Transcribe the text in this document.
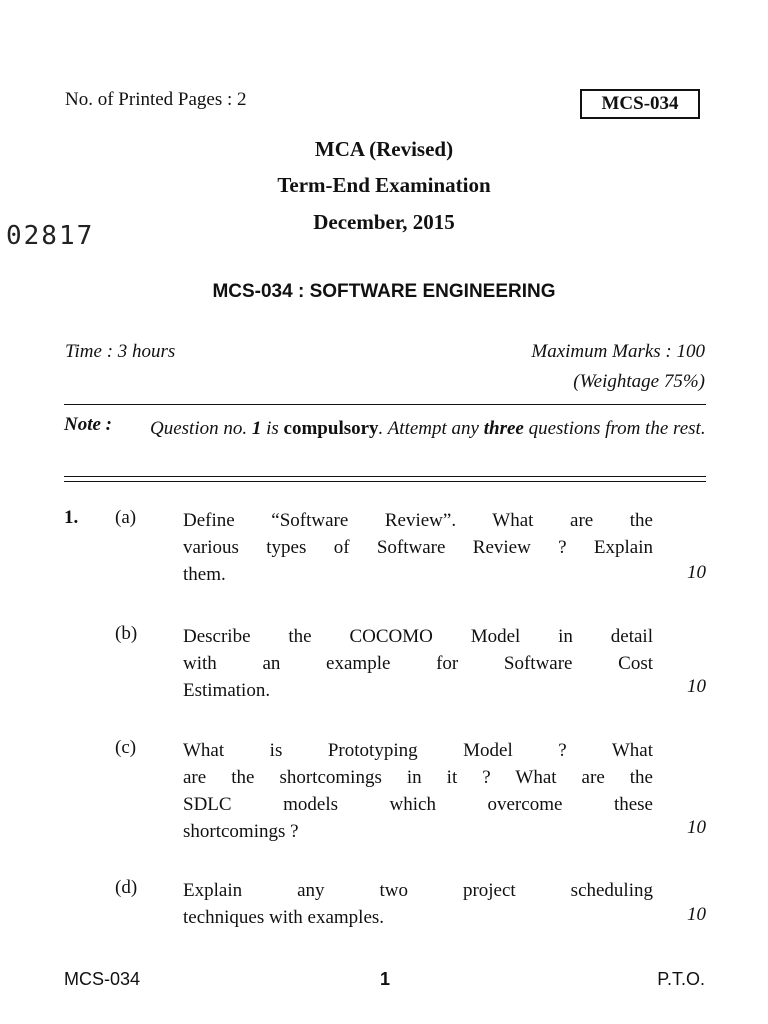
No. of Printed Pages : 2	MCS-034
MCA (Revised)
Term-End Examination
December, 2015
02817
MCS-034 : SOFTWARE ENGINEERING
Time : 3 hours	Maximum Marks : 100
(Weightage 75%)
Note : Question no. 1 is compulsory. Attempt any three questions from the rest.
1. (a) Define “Software Review”. What are the
various types of Software Review ? Explain
them.	10
(b) Describe the COCOMO Model in detail
with an example for Software Cost
Estimation.	10
(c) What is Prototyping Model ? What
are the shortcomings in it ? What are the
SDLC models which overcome these
shortcomings ?	10
(d) Explain any two project scheduling
techniques with examples.	10
MCS-034	1	P.T.O.
